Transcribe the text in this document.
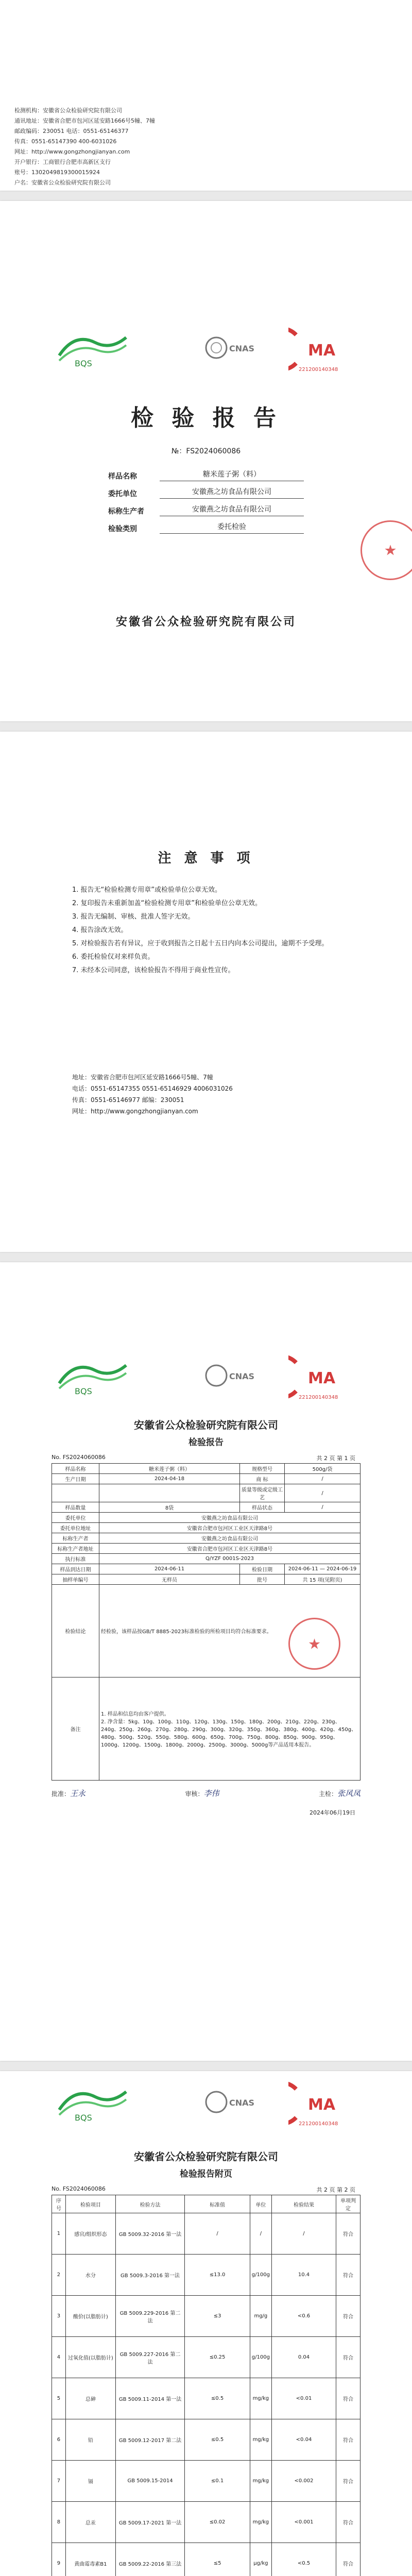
检测机构：安徽省公众检验研究院有限公司
通讯地址：安徽省合肥市包河区延安路1666号5幢、7幢
邮政编码：230051 电话：0551-65146377
传真：0551-65147390 400-6031026
网址：http://www.gongzhongjianyan.com
开户银行：工商银行合肥市高新区支行
账号：1302049819300015924
户名：安徽省公众检验研究院有限公司
BQS
CNAS	MA
221200140348
检 验 报 告
№：FS2024060086
样品名称	糖米莲子粥（料）
委托单位	安徽燕之坊食品有限公司
标称生产者	安徽燕之坊食品有限公司
检验类别	委托检验
★
安徽省公众检验研究院有限公司
注 意 事 项
1. 报告无“检验检测专用章”或检验单位公章无效。
2. 复印报告未重新加盖“检验检测专用章”和检验单位公章无效。
3. 报告无编制、审核、批准人签字无效。
4. 报告涂改无效。
5. 对检验报告若有异议，应于收到报告之日起十五日内向本公司提出，逾期不予受理。
6. 委托检验仅对来样负责。
7. 未经本公司同意，该检验报告不得用于商业性宣传。
地址：安徽省合肥市包河区延安路1666号5幢、7幢
电话：0551-65147355 0551-65146929 4006031026
传真：0551-65146977 邮编：230051
网址：http://www.gongzhongjianyan.com
BQS
CNAS	MA
221200140348
安徽省公众检验研究院有限公司
检验报告
共 2 页 第 1 页
No. FS2024060086
样品名称	糖米莲子粥（料）	规格型号	500g/袋
生产日期	2024-04-18	商 标	/
		质量等级或定级工艺	/
样品数量	8袋	样品状态	/
委托单位	安徽燕之坊食品有限公司		
委托单位地址	安徽省合肥市包河区工业区天津路8号		
标称生产者	安徽燕之坊食品有限公司		
标称生产者地址	安徽省合肥市包河区工业区天津路8号		
执行标准	Q/YZF 0001S-2023		
样品到达日期	2024-06-11	检验日期	2024-06-11 — 2024-06-19
抽样单编号	无样员	批号	共 15 项(见附页)
检验结论	经检验，该样品按GB/T 8885-2023标准检验的所检项目均符合标准要求。		
备注	1. 样品和信息均由客户提供。
2. 净含量：5kg、10g、100g、110g、120g、130g、150g、180g、200g、210g、220g、230g、240g、250g、260g、270g、280g、290g、300g、320g、350g、360g、380g、400g、420g、450g、480g、500g、520g、550g、580g、600g、650g、700g、750g、800g、850g、900g、950g、1000g、1200g、1500g、1800g、2000g、2500g、3000g、5000g等产品适用本报告。		
★
批准：王永	审核：李伟	主检：张风凤
2024年06月19日
BQS
CNAS	MA
221200140348
安徽省公众检验研究院有限公司
检验报告附页
No. FS2024060086	共 2 页 第 2 页
序号	检验项目	检验方法	标准值	单位	检验结果	单项判定
1	感官/组织形态	GB 5009.32-2016 第一法	/	/	/	符合
2	水分	GB 5009.3-2016 第一法	≤13.0	g/100g	10.4	符合
3	酸价(以脂肪计)	GB 5009.229-2016 第二法	≤3	mg/g	<0.6	符合
4	过氧化值(以脂肪计)	GB 5009.227-2016 第二法	≤0.25	g/100g	0.04	符合
5	总砷	GB 5009.11-2014 第一法	≤0.5	mg/kg	<0.01	符合
6	铅	GB 5009.12-2017 第二法	≤0.5	mg/kg	<0.04	符合
7	镉	GB 5009.15-2014	≤0.1	mg/kg	<0.002	符合
8	总汞	GB 5009.17-2021 第一法	≤0.02	mg/kg	<0.001	符合
9	黄曲霉毒素B1	GB 5009.22-2016 第三法	≤5	μg/kg	<0.5	符合
